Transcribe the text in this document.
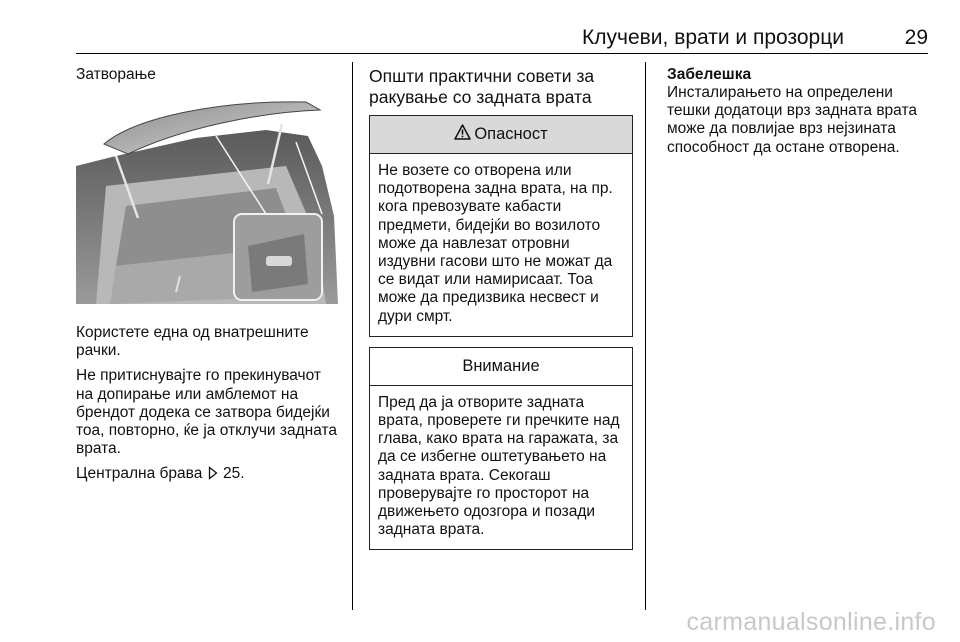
Клучеви, врати и прозорци	29
Затворање
Користете една од внатрешните рачки.
Не притиснувајте го прекинувачот на допирање или амблемот на брендот додека се затвора бидејќи тоа, повторно, ќе ја отклучи задната врата.
Централна брава 25.
Општи практични совети за ракување со задната врата
Опасност
Не возете со отворена или подотворена задна врата, на пр. кога превозувате кабасти предмети, бидејќи во возилото може да навлезат отровни издувни гасови што не можат да се видат или намирисаат. Тоа може да предизвика несвест и дури смрт.
Внимание
Пред да ја отворите задната врата, проверете ги пречките над глава, како врата на гаражата, за да се избегне оштетувањето на задната врата. Секогаш проверувајте го просторот на движењето одозгора и позади задната врата.
Забелешка
Инсталирањето на определени тешки додатоци врз задната врата може да повлијае врз нејзината способност да остане отворена.
carmanualsonline.info
